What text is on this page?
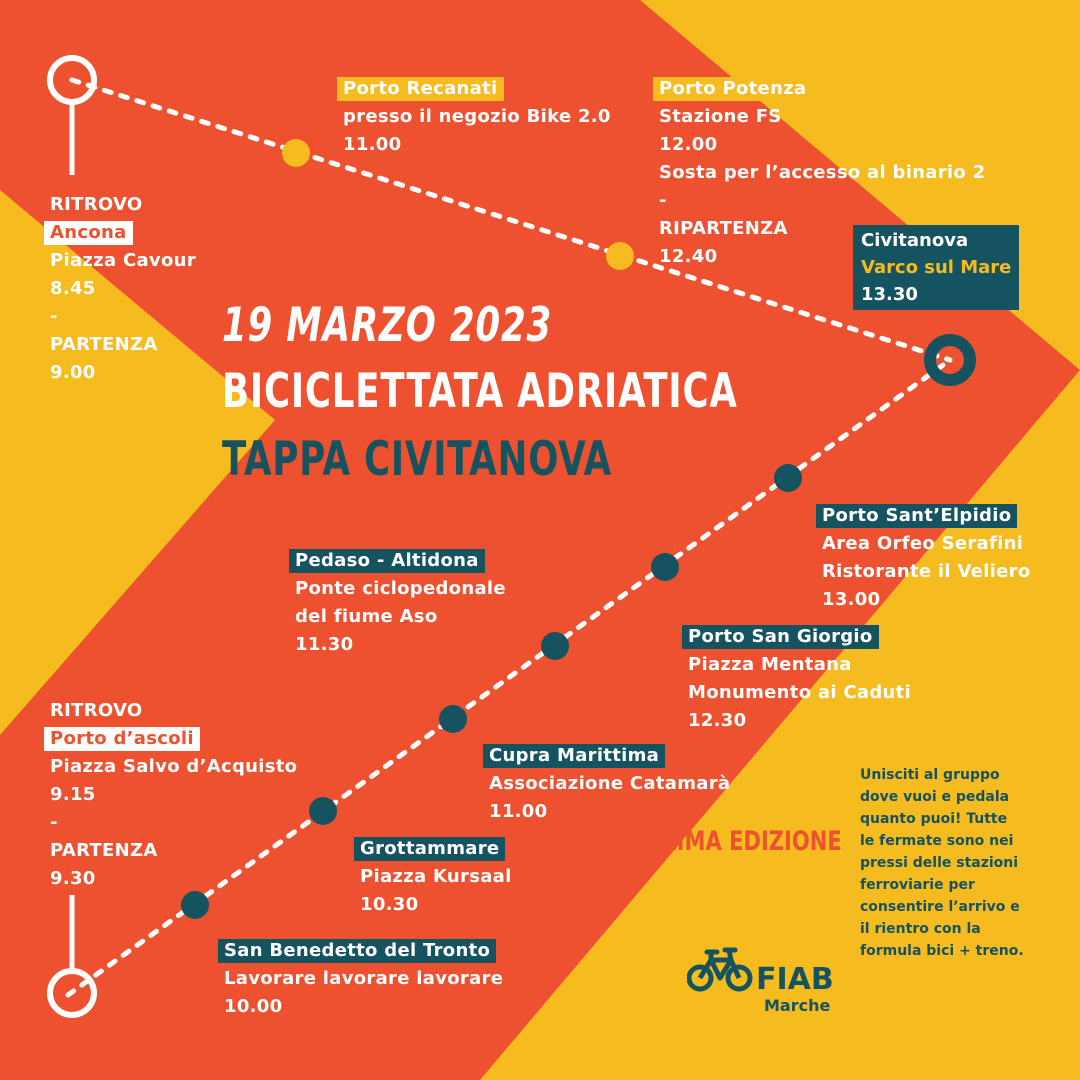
RITROVO
Ancona
Piazza Cavour
8.45
-
PARTENZA
9.00
Porto Recanati
presso il negozio Bike 2.0
11.00
Porto Potenza
Stazione FS
12.00
Sosta per l’accesso al binario 2
-
RIPARTENZA
12.40
Civitanova
Varco sul Mare
13.30
19 MARZO 2023
BICICLETTATA ADRIATICA
TAPPA CIVITANOVA
Porto Sant’Elpidio
Area Orfeo Serafini
Ristorante il Veliero
13.00
Pedaso - Altidona
Ponte ciclopedonale
del fiume Aso
11.30	Porto San Giorgio
Piazza Mentana
Monumento ai Caduti
12.30
RITROVO
Porto d’ascoli
Piazza Salvo d’Acquisto
9.15
-
PARTENZA
9.30
Cupra Marittima
Associazione Catamarà
11.00
Grottammare
Piazza Kursaal
10.30
San Benedetto del Tronto
Lavorare lavorare lavorare
10.00
PRIMA EDIZIONE
Unisciti al gruppo
dove vuoi e pedala
quanto puoi! Tutte
le fermate sono nei
pressi delle stazioni
ferroviarie per
consentire l’arrivo e
il rientro con la
formula bici + treno.
FIAB
Marche
